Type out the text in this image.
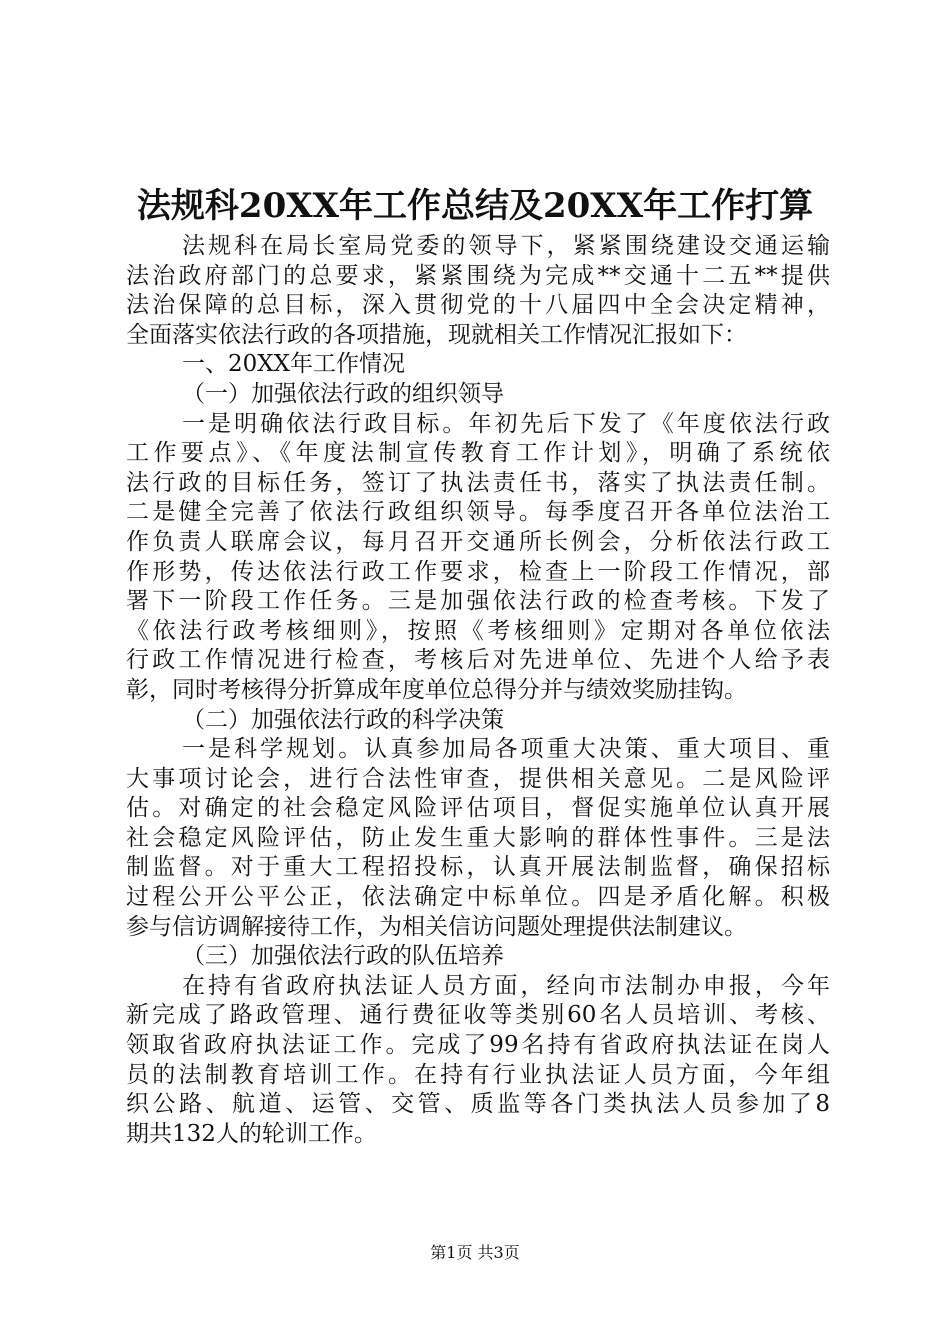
法规科20XX年工作总结及20XX年工作打算
法规科在局长室局党委的领导下，紧紧围绕建设交通运输
法治政府部门的总要求，紧紧围绕为完成**交通十二五**提供
法治保障的总目标，深入贯彻党的十八届四中全会决定精神，
全面落实依法行政的各项措施，现就相关工作情况汇报如下：
一、20XX年工作情况
（一）加强依法行政的组织领导
一是明确依法行政目标。年初先后下发了《年度依法行政
工作要点》、《年度法制宣传教育工作计划》，明确了系统依
法行政的目标任务，签订了执法责任书，落实了执法责任制。
二是健全完善了依法行政组织领导。每季度召开各单位法治工
作负责人联席会议，每月召开交通所长例会，分析依法行政工
作形势，传达依法行政工作要求，检查上一阶段工作情况，部
署下一阶段工作任务。三是加强依法行政的检查考核。下发了
《依法行政考核细则》，按照《考核细则》定期对各单位依法
行政工作情况进行检查，考核后对先进单位、先进个人给予表
彰，同时考核得分折算成年度单位总得分并与绩效奖励挂钩。
（二）加强依法行政的科学决策
一是科学规划。认真参加局各项重大决策、重大项目、重
大事项讨论会，进行合法性审查，提供相关意见。二是风险评
估。对确定的社会稳定风险评估项目，督促实施单位认真开展
社会稳定风险评估，防止发生重大影响的群体性事件。三是法
制监督。对于重大工程招投标，认真开展法制监督，确保招标
过程公开公平公正，依法确定中标单位。四是矛盾化解。积极
参与信访调解接待工作，为相关信访问题处理提供法制建议。
（三）加强依法行政的队伍培养
在持有省政府执法证人员方面，经向市法制办申报，今年
新完成了路政管理、通行费征收等类别60名人员培训、考核、
领取省政府执法证工作。完成了99名持有省政府执法证在岗人
员的法制教育培训工作。在持有行业执法证人员方面，今年组
织公路、航道、运管、交管、质监等各门类执法人员参加了8
期共132人的轮训工作。
第1页 共3页
